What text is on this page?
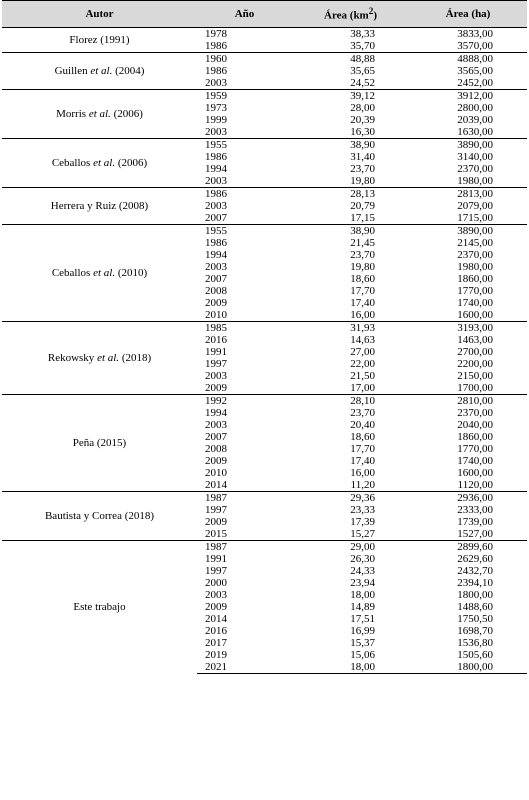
Autor	Año	Área $(km^2)$	Área (ha)
Florez (1991)	1978	38,33	3833,00
	1986	35,70	3570,00
Guillen et al. (2004)	1960	48,88	4888,00
	1986	35,65	3565,00
	2003	24,52	2452,00
Morris et al. (2006)	1959	39,12	3912,00
	1973	28,00	2800,00
	1999	20,39	2039,00
	2003	16,30	1630,00
Ceballos et al. (2006)	1955	38,90	3890,00
	1986	31,40	3140,00
	1994	23,70	2370,00
	2003	19,80	1980,00
Herrera y Ruiz (2008)	1986	28,13	2813,00
	2003	20,79	2079,00
	2007	17,15	1715,00
Ceballos et al. (2010)	1955	38,90	3890,00
	1986	21,45	2145,00
	1994	23,70	2370,00
	2003	19,80	1980,00
	2007	18,60	1860,00
	2008	17,70	1770,00
	2009	17,40	1740,00
	2010	16,00	1600,00
Rekowsky et al. (2018)	1985	31,93	3193,00
	2016	14,63	1463,00
	1991	27,00	2700,00
	1997	22,00	2200,00
	2003	21,50	2150,00
	2009	17,00	1700,00
Peña (2015)	1992	28,10	2810,00
	1994	23,70	2370,00
	2003	20,40	2040,00
	2007	18,60	1860,00
	2008	17,70	1770,00
	2009	17,40	1740,00
	2010	16,00	1600,00
	2014	11,20	1120,00
Bautista y Correa (2018)	1987	29,36	2936,00
	1997	23,33	2333,00
	2009	17,39	1739,00
	2015	15,27	1527,00
Este trabajo	1987	29,00	2899,60
	1991	26,30	2629,60
	1997	24,33	2432,70
	2000	23,94	2394,10
	2003	18,00	1800,00
	2009	14,89	1488,60
	2014	17,51	1750,50
	2016	16,99	1698,70
	2017	15,37	1536,80
	2019	15,06	1505,60
	2021	18,00	1800,00
